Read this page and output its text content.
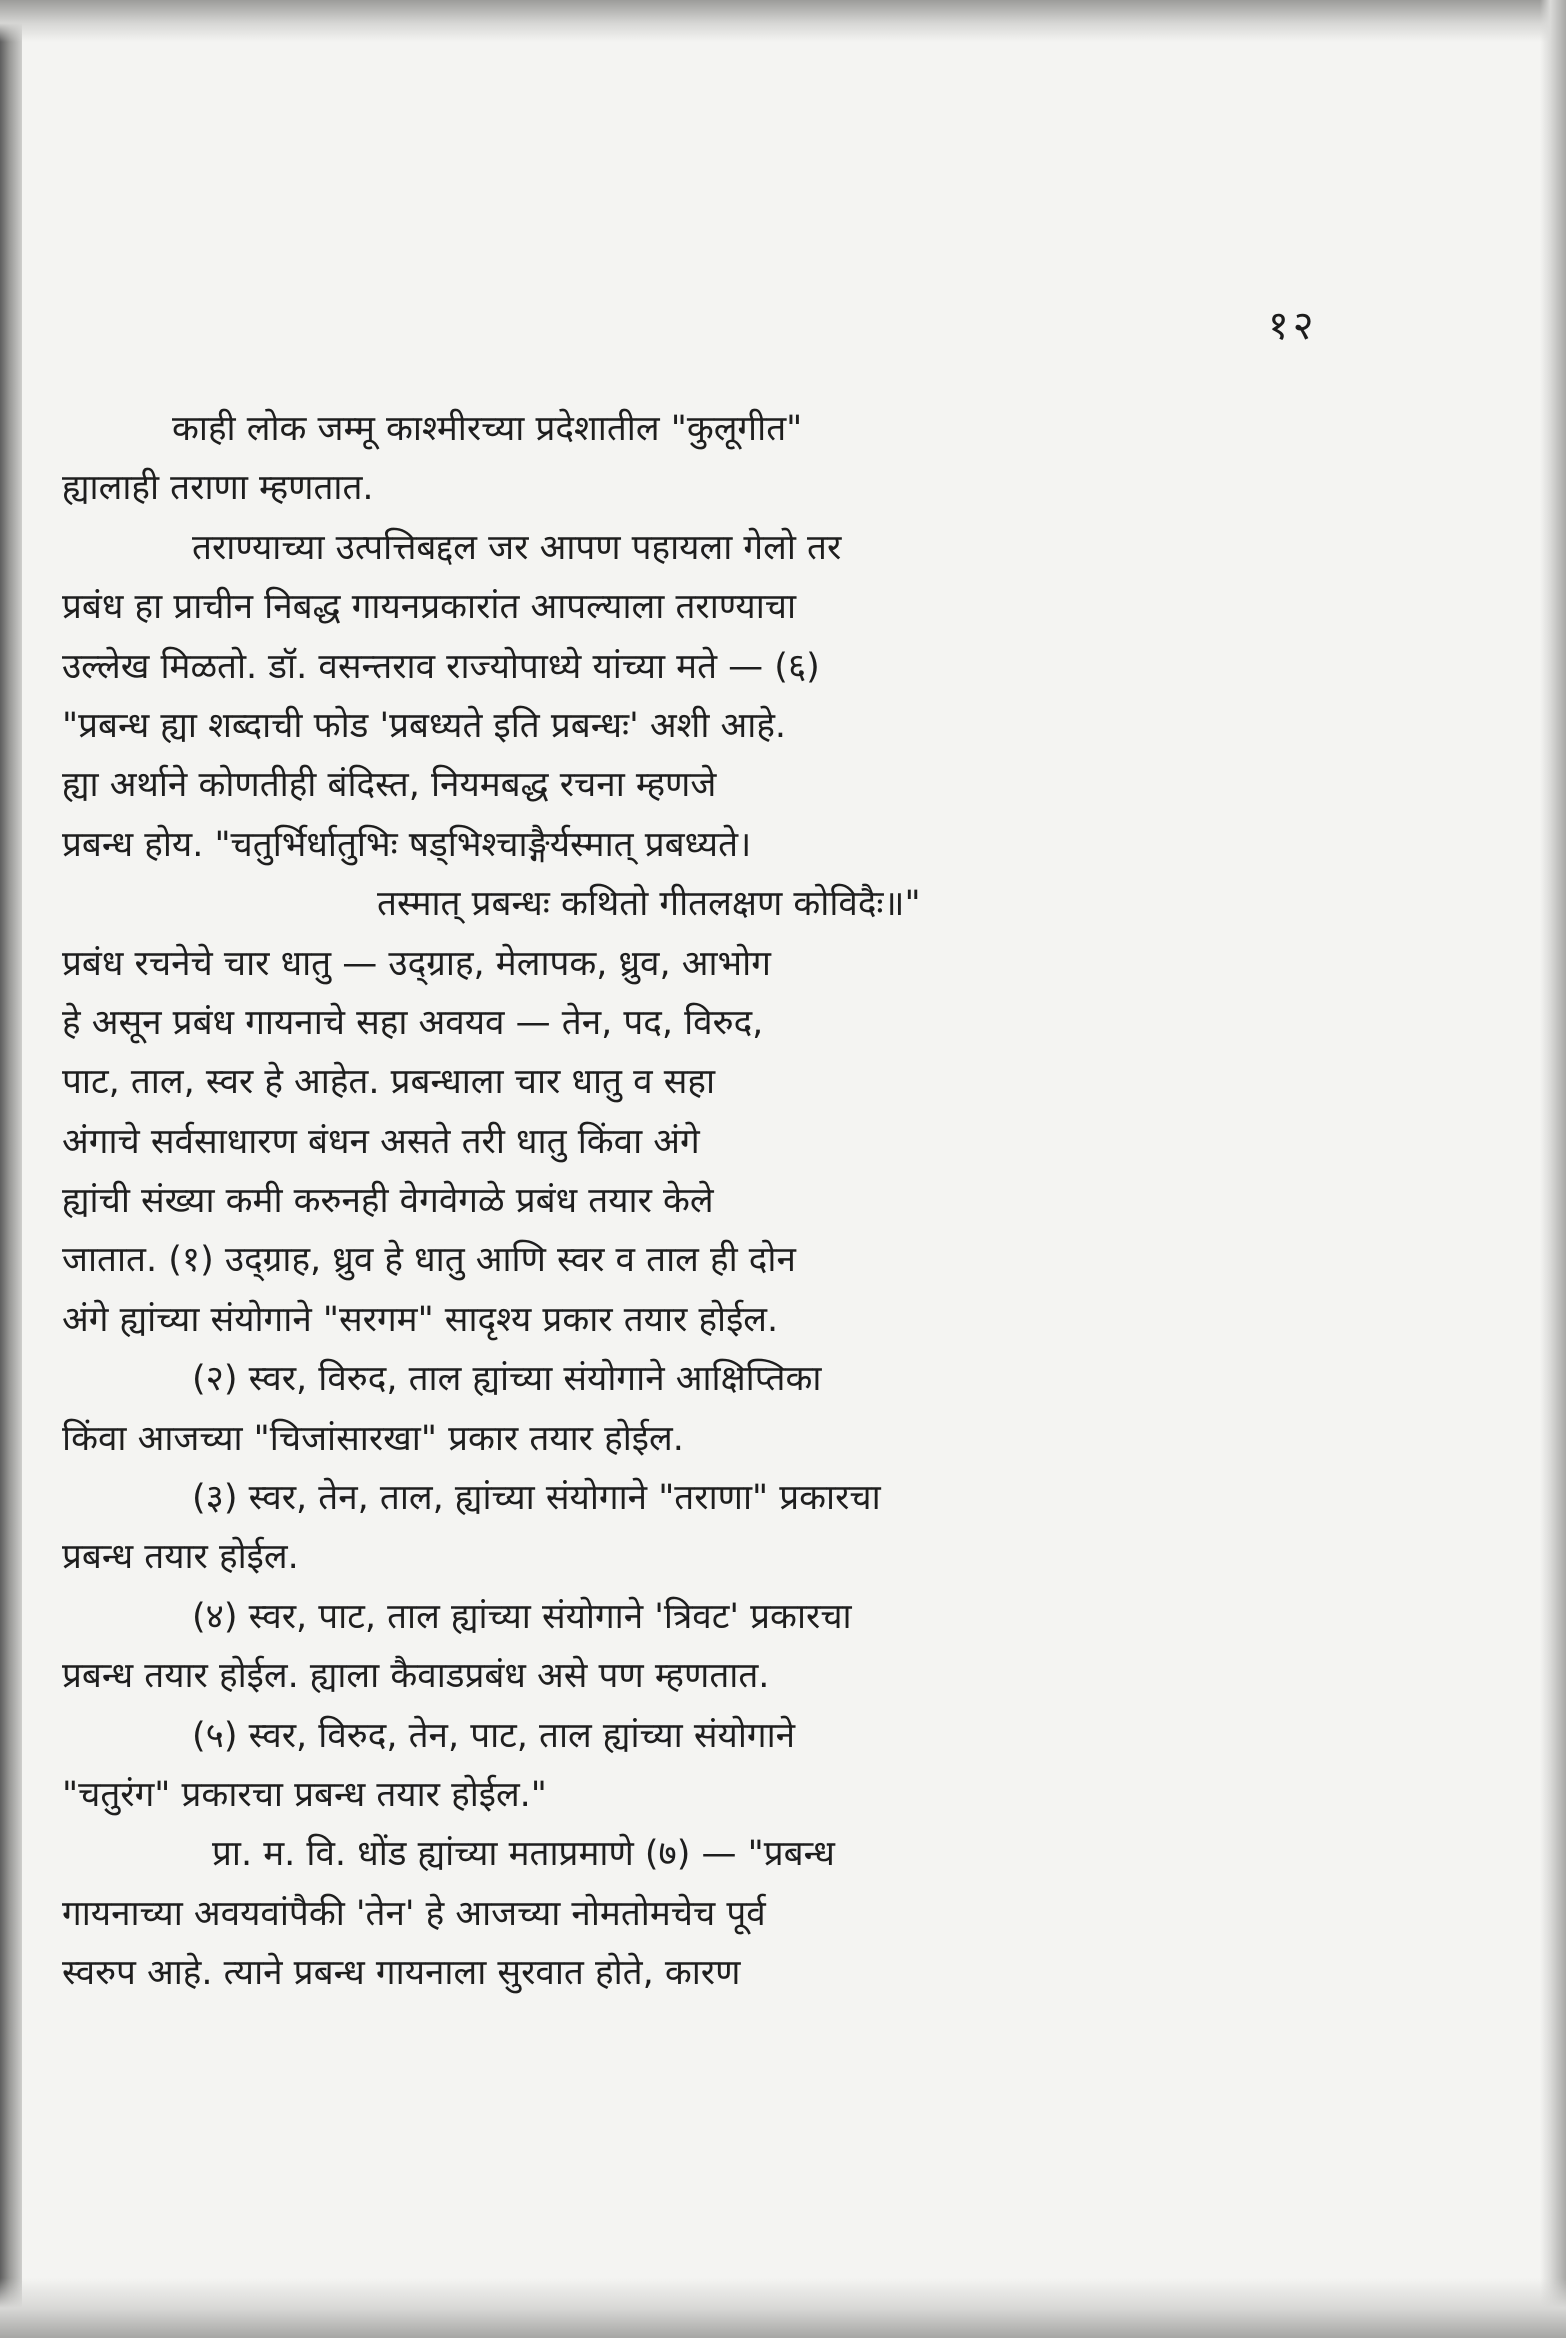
१२
काही लोक जम्मू काश्मीरच्या प्रदेशातील "कुलूगीत"
ह्यालाही तराणा म्हणतात.
तराण्याच्या उत्पत्तिबद्दल जर आपण पहायला गेलो तर
प्रबंध हा प्राचीन निबद्ध गायनप्रकारांत आपल्याला तराण्याचा
उल्लेख मिळतो. डॉ. वसन्तराव राज्योपाध्ये यांच्या मते — (६)
"प्रबन्ध ह्या शब्दाची फोड 'प्रबध्यते इति प्रबन्धः' अशी आहे.
ह्या अर्थाने कोणतीही बंदिस्त, नियमबद्ध रचना म्हणजे
प्रबन्ध होय. "चतुर्भिर्धातुभिः षड्भिश्चाङ्गैर्यस्मात् प्रबध्यते।
तस्मात् प्रबन्धः कथितो गीतलक्षण कोविदैः॥"
प्रबंध रचनेचे चार धातु — उद्ग्राह, मेलापक, ध्रुव, आभोग
हे असून प्रबंध गायनाचे सहा अवयव — तेन, पद, विरुद,
पाट, ताल, स्वर हे आहेत. प्रबन्धाला चार धातु व सहा
अंगाचे सर्वसाधारण बंधन असते तरी धातु किंवा अंगे
ह्यांची संख्या कमी करुनही वेगवेगळे प्रबंध तयार केले
जातात. (१) उद्ग्राह, ध्रुव हे धातु आणि स्वर व ताल ही दोन
अंगे ह्यांच्या संयोगाने "सरगम" सादृश्य प्रकार तयार होईल.
(२) स्वर, विरुद, ताल ह्यांच्या संयोगाने आक्षिप्तिका
किंवा आजच्या "चिजांसारखा" प्रकार तयार होईल.
(३) स्वर, तेन, ताल, ह्यांच्या संयोगाने "तराणा" प्रकारचा
प्रबन्ध तयार होईल.
(४) स्वर, पाट, ताल ह्यांच्या संयोगाने 'त्रिवट' प्रकारचा
प्रबन्ध तयार होईल. ह्याला कैवाडप्रबंध असे पण म्हणतात.
(५) स्वर, विरुद, तेन, पाट, ताल ह्यांच्या संयोगाने
"चतुरंग" प्रकारचा प्रबन्ध तयार होईल."
प्रा. म. वि. धोंड ह्यांच्या मताप्रमाणे (७) — "प्रबन्ध
गायनाच्या अवयवांपैकी 'तेन' हे आजच्या नोमतोमचेच पूर्व
स्वरुप आहे. त्याने प्रबन्ध गायनाला सुरवात होते, कारण
